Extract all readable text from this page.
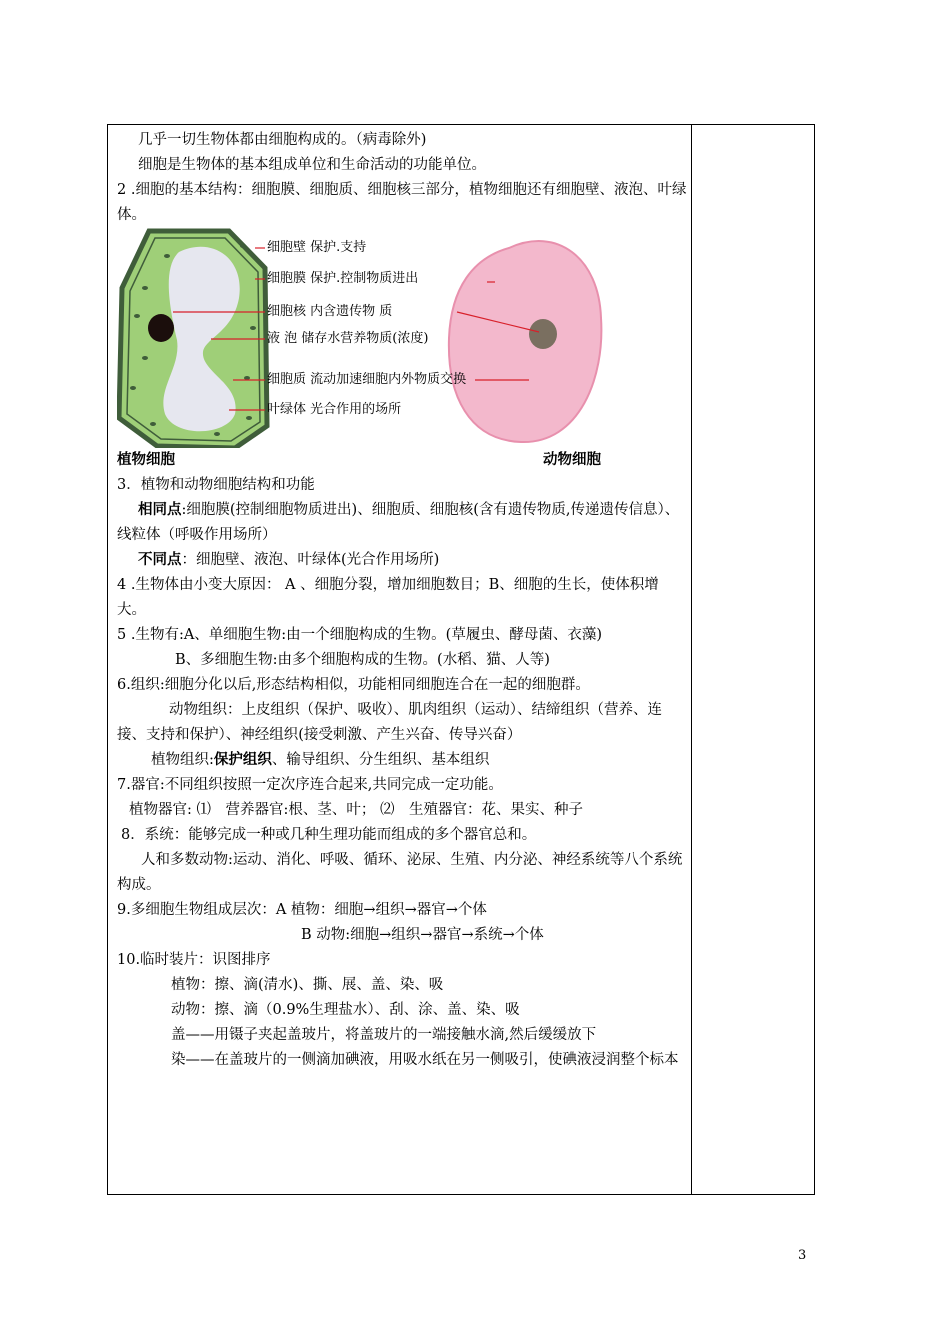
几乎一切生物体都由细胞构成的。（病毒除外)
细胞是生物体的基本组成单位和生命活动的功能单位。
2 .细胞的基本结构：细胞膜、细胞质、细胞核三部分，植物细胞还有细胞壁、液泡、叶绿体。
细胞壁 保护.支持
细胞膜 保护.控制物质进出
细胞核 内含遗传物 质
液 泡 储存水营养物质(浓度)
细胞质 流动加速细胞内外物质交换
叶绿体 光合作用的场所
植物细胞	动物细胞
3．植物和动物细胞结构和功能
相同点:细胞膜(控制细胞物质进出)、细胞质、细胞核(含有遗传物质,传递遗传信息）、线粒体（呼吸作用场所）
不同点：细胞壁、液泡、叶绿体(光合作用场所)
4 .生物体由小变大原因： A 、细胞分裂，增加细胞数目；B、细胞的生长，使体积增大。
5 .生物有:A、单细胞生物:由一个细胞构成的生物。(草履虫、酵母菌、衣藻)
B、多细胞生物:由多个细胞构成的生物。(水稻、猫、人等)
6.组织:细胞分化以后,形态结构相似，功能相同细胞连合在一起的细胞群。
动物组织：上皮组织（保护、吸收）、肌肉组织（运动）、结缔组织（营养、连接、支持和保护）、神经组织(接受刺激、产生兴奋、传导兴奋）
植物组织:保护组织、输导组织、分生组织、基本组织
7.器官:不同组织按照一定次序连合起来,共同完成一定功能。
植物器官: ⑴　营养器官:根、茎、叶； ⑵　生殖器官：花、果实、种子
8．系统：能够完成一种或几种生理功能而组成的多个器官总和。
人和多数动物:运动、消化、呼吸、循环、泌尿、生殖、内分泌、神经系统等八个系统构成。
9.多细胞生物组成层次：A 植物：细胞→组织→器官→个体
B 动物:细胞→组织→器官→系统→个体
10.临时装片：识图排序
植物：擦、滴(清水)、撕、展、盖、染、吸
动物：擦、滴（0.9%生理盐水）、刮、涂、盖、染、吸
盖——用镊子夹起盖玻片，将盖玻片的一端接触水滴,然后缓缓放下
染——在盖玻片的一侧滴加碘液，用吸水纸在另一侧吸引，使碘液浸润整个标本
3
